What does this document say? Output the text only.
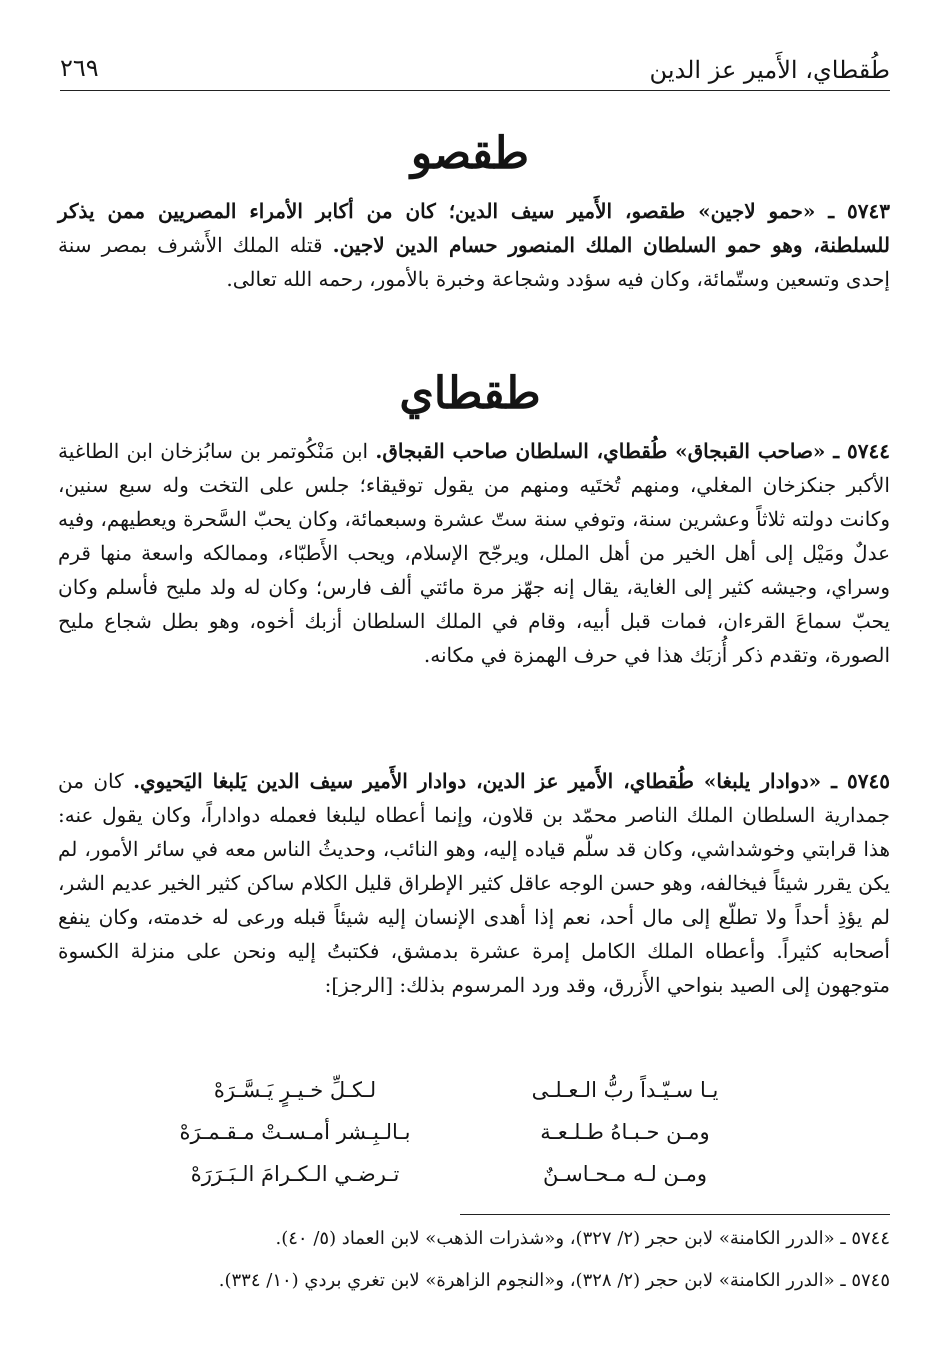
طُقطاي، الأَمير عز الدين
٢٦٩
طقصو

٥٧٤٣ ـ «حمو لاجين» طقصو، الأَمير سيف الدين؛ كان من أكابر الأمراء المصريين ممن يذكر للسلطنة، وهو حمو السلطان الملك المنصور حسام الدين لاجين. قتله الملك الأَشرف بمصر سنة إحدى وتسعين وستّمائة، وكان فيه سؤدد وشجاعة وخبرة بالأمور، رحمه الله تعالى.

طقطاي

٥٧٤٤ ـ «صاحب القبجاق» طُقطاي، السلطان صاحب القبجاق. ابن مَنْكُوتمر بن سابُزخان ابن الطاغية الأكبر جنكزخان المغلي، ومنهم تُختَيه ومنهم من يقول توقيقاء؛ جلس على التخت وله سبع سنين، وكانت دولته ثلاثاً وعشرين سنة، وتوفي سنة ستّ عشرة وسبعمائة، وكان يحبّ السَّحرة ويعطيهم، وفيه عدلٌ ومَيْل إلى أهل الخير من أهل الملل، ويرجّح الإسلام، ويحب الأَطبّاء، وممالكه واسعة منها قرم وسراي، وجيشه كثير إلى الغاية، يقال إنه جهّز مرة مائتي ألف فارس؛ وكان له ولد مليح فأسلم وكان يحبّ سماعَ القرءان، فمات قبل أبيه، وقام في الملك السلطان أزبك أخوه، وهو بطل شجاع مليح الصورة، وتقدم ذكر أُزبَك هذا في حرف الهمزة في مكانه.

٥٧٤٥ ـ «دوادار يلبغا» طُقطاي، الأَمير عز الدين، دوادار الأَمير سيف الدين يَلبغا اليَحيوي. كان من جمدارية السلطان الملك الناصر محمّد بن قلاون، وإنما أعطاه ليلبغا فعمله دواداراً، وكان يقول عنه: هذا قرابتي وخوشداشي، وكان قد سلّم قياده إليه، وهو النائب، وحديثُ الناس معه في سائر الأمور، لم يكن يقرر شيئاً فيخالفه، وهو حسن الوجه عاقل كثير الإطراق قليل الكلام ساكن كثير الخير عديم الشر، لم يؤذِ أحداً ولا تطلّع إلى مال أحد، نعم إذا أهدى الإنسان إليه شيئاً قبله ورعى له خدمته، وكان ينفع أصحابه كثيراً. وأعطاه الملك الكامل إمرة عشرة بدمشق، فكتبتُ إليه ونحن على منزلة الكسوة متوجهون إلى الصيد بنواحي الأَزرق، وقد ورد المرسوم بذلك: [الرجز]:

يـا سـيّـداً ربُّ الـعـلـى
لـكـلِّ خـيـرٍ يَـسَّـرَهْ
ومـن حـبـاهُ طـلـعـة
بـالـبِـشر أمـسـتْ مـقـمـرَهْ
ومـن لـه مـحـاسـنٌ
تـرضـي الـكـرامَ الـبَـرَرَهْ
٥٧٤٤ ـ «الدرر الكامنة» لابن حجر (٢/ ٣٢٧)، و«شذرات الذهب» لابن العماد (٥/ ٤٠).
٥٧٤٥ ـ «الدرر الكامنة» لابن حجر (٢/ ٣٢٨)، و«النجوم الزاهرة» لابن تغري بردي (١٠/ ٣٣٤).
